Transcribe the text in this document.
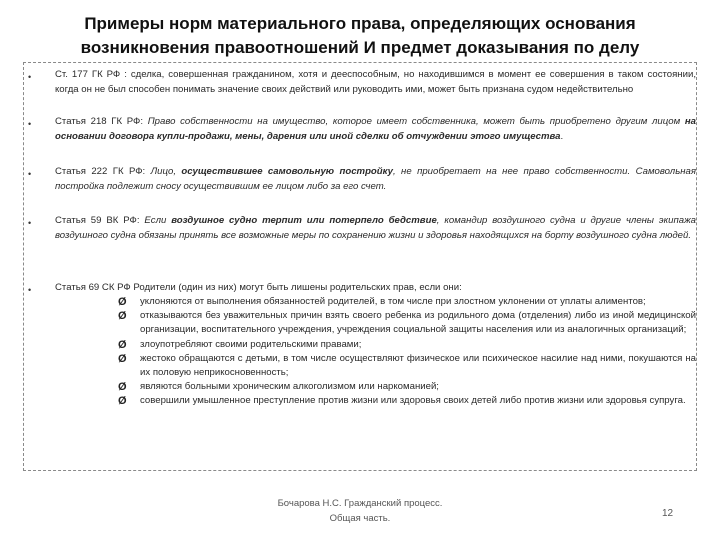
Примеры норм материального права, определяющих основания
возникновения правоотношений И предмет доказывания по делу
• Ст. 177 ГК РФ : сделка, совершенная гражданином, хотя и дееспособным, но находившимся в момент ее совершения в таком состоянии, когда он не был способен понимать значение своих действий или руководить ими, может быть признана судом недействительно
• Статья 218 ГК РФ: Право собственности на имущество, которое имеет собственника, может быть приобретено другим лицом на основании договора купли-продажи, мены, дарения или иной сделки об отчуждении этого имущества.
• Статья 222 ГК РФ: Лицо, осуществившее самовольную постройку, не приобретает на нее право собственности. Самовольная постройка подлежит сносу осуществившим ее лицом либо за его счет.
• Статья 59 ВК РФ: Если воздушное судно терпит или потерпело бедствие, командир воздушного судна и другие члены экипажа воздушного судна обязаны принять все возможные меры по сохранению жизни и здоровья находящихся на борту воздушного судна людей.
• Статья 69 СК РФ Родители (один из них) могут быть лишены родительских прав, если они:
Ø уклоняются от выполнения обязанностей родителей, в том числе при злостном уклонении от уплаты алиментов;
Ø отказываются без уважительных причин взять своего ребенка из родильного дома (отделения) либо из иной медицинской организации, воспитательного учреждения, учреждения социальной защиты населения или из аналогичных организаций;
Ø злоупотребляют своими родительскими правами;
Ø жестоко обращаются с детьми, в том числе осуществляют физическое или психическое насилие над ними, покушаются на их половую неприкосновенность;
Ø являются больными хроническим алкоголизмом или наркоманией;
Ø совершили умышленное преступление против жизни или здоровья своих детей либо против жизни или здоровья супруга.
Бочарова Н.С. Гражданский процесс.
Общая часть.	12
